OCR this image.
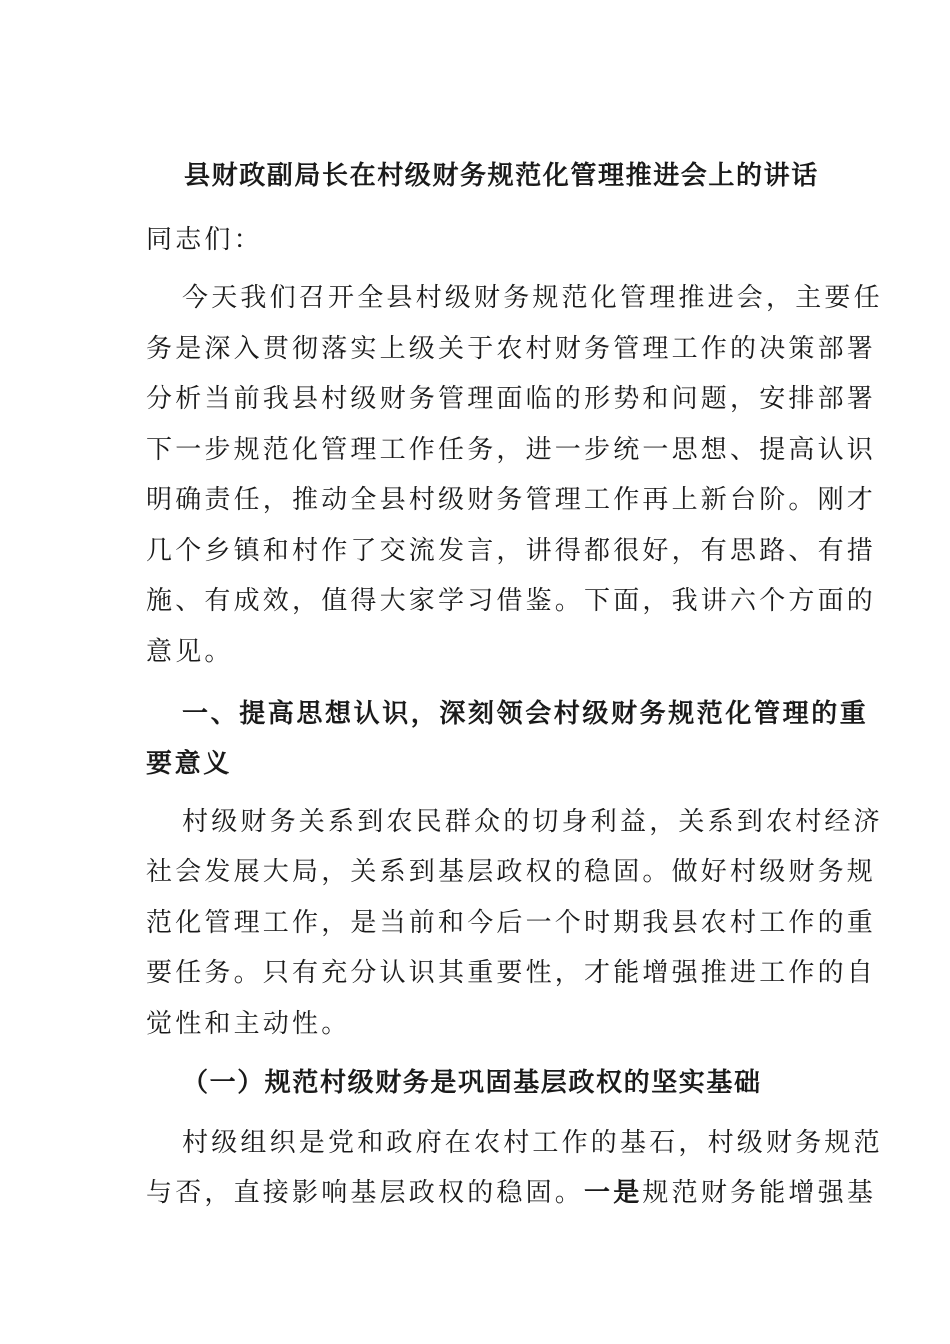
县财政副局长在村级财务规范化管理推进会上的讲话
同志们：
今天我们召开全县村级财务规范化管理推进会，主要任
务是深入贯彻落实上级关于农村财务管理工作的决策部署
分析当前我县村级财务管理面临的形势和问题，安排部署
下一步规范化管理工作任务，进一步统一思想、提高认识
明确责任，推动全县村级财务管理工作再上新台阶。刚才
几个乡镇和村作了交流发言，讲得都很好，有思路、有措
施、有成效，值得大家学习借鉴。下面，我讲六个方面的
意见。
一、提高思想认识，深刻领会村级财务规范化管理的重
要意义
村级财务关系到农民群众的切身利益，关系到农村经济
社会发展大局，关系到基层政权的稳固。做好村级财务规
范化管理工作，是当前和今后一个时期我县农村工作的重
要任务。只有充分认识其重要性，才能增强推进工作的自
觉性和主动性。
（一）规范村级财务是巩固基层政权的坚实基础
村级组织是党和政府在农村工作的基石，村级财务规范
与否，直接影响基层政权的稳固。一是规范财务能增强基
